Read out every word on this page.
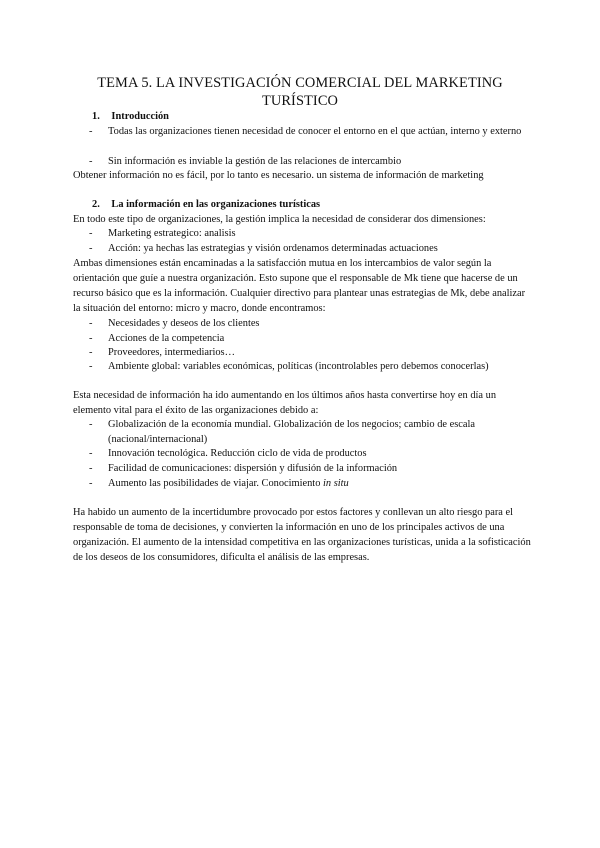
TEMA 5. LA INVESTIGACIÓN COMERCIAL DEL MARKETING
TURÍSTICO
1. Introducción
- Todas las organizaciones tienen necesidad de conocer el entorno en el que actúan, interno y externo
- Sin información es inviable la gestión de las relaciones de intercambio

Obtener información no es fácil, por lo tanto es necesario. un sistema de información de marketing

2. La información en las organizaciones turísticas

En todo este tipo de organizaciones, la gestión implica la necesidad de considerar dos dimensiones:

- Marketing estrategico: analisis
- Acción: ya hechas las estrategias y visión ordenamos determinadas actuaciones

Ambas dimensiones están encaminadas a la satisfacción mutua en los intercambios de valor según la orientación que guíe a nuestra organización. Esto supone que el responsable de Mk tiene que hacerse de un recurso básico que es la información. Cualquier directivo para plantear unas estrategias de Mk, debe analizar la situación del entorno: micro y macro, donde encontramos:

- Necesidades y deseos de los clientes
- Acciones de la competencia
- Proveedores, intermediarios…
- Ambiente global: variables económicas, políticas (incontrolables pero debemos conocerlas)

Esta necesidad de información ha ido aumentando en los últimos años hasta convertirse hoy en día un elemento vital para el éxito de las organizaciones debido a:

- Globalización de la economía mundial. Globalización de los negocios; cambio de escala (nacional/internacional)
- Innovación tecnológica. Reducción ciclo de vida de productos
- Facilidad de comunicaciones: dispersión y difusión de la información
- Aumento las posibilidades de viajar. Conocimiento in situ

Ha habido un aumento de la incertidumbre provocado por estos factores y conllevan un alto riesgo para el responsable de toma de decisiones, y convierten la información en uno de los principales activos de una organización. El aumento de la intensidad competitiva en las organizaciones turísticas, unida a la sofisticación de los deseos de los consumidores, dificulta el análisis de las empresas.
